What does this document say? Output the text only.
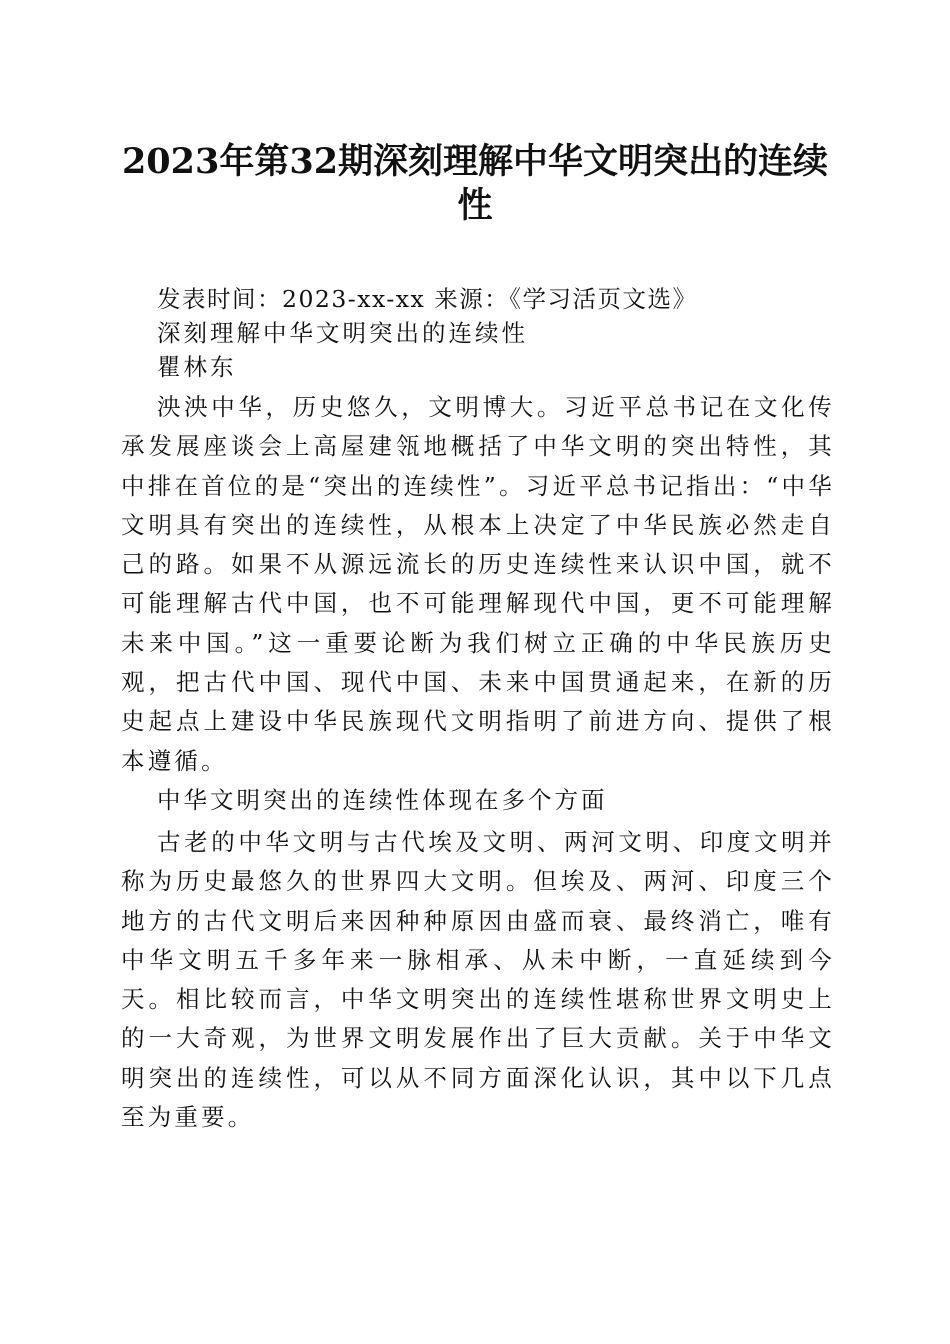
2023年第32期深刻理解中华文明突出的连续性

发表时间：2023-xx-xx 来源：《学习活页文选》

深刻理解中华文明突出的连续性

瞿林东

泱泱中华，历史悠久，文明博大。习近平总书记在文化传承发展座谈会上高屋建瓴地概括了中华文明的突出特性，其中排在首位的是“突出的连续性”。习近平总书记指出：“中华文明具有突出的连续性，从根本上决定了中华民族必然走自己的路。如果不从源远流长的历史连续性来认识中国，就不可能理解古代中国，也不可能理解现代中国，更不可能理解未来中国。”这一重要论断为我们树立正确的中华民族历史观，把古代中国、现代中国、未来中国贯通起来，在新的历史起点上建设中华民族现代文明指明了前进方向、提供了根本遵循。

中华文明突出的连续性体现在多个方面

古老的中华文明与古代埃及文明、两河文明、印度文明并称为历史最悠久的世界四大文明。但埃及、两河、印度三个地方的古代文明后来因种种原因由盛而衰、最终消亡，唯有中华文明五千多年来一脉相承、从未中断，一直延续到今天。相比较而言，中华文明突出的连续性堪称世界文明史上的一大奇观，为世界文明发展作出了巨大贡献。关于中华文明突出的连续性，可以从不同方面深化认识，其中以下几点至为重要。
